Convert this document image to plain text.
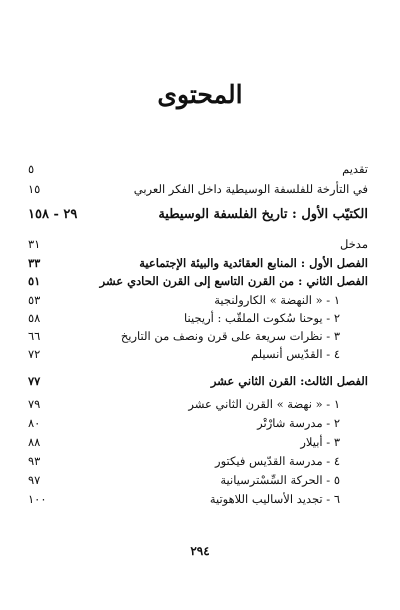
المحتوى
تقديم
٥
في التأرخة للفلسفة الوسيطية داخل الفكر العربي
١٥
الكتيّب الأول : تاريخ الفلسفة الوسيطية
٢٩ - ١٥٨
مدخل
٣١
الفصل الأول : المنابع العقائدية والبيئة الإجتماعية
٣٣
الفصل الثاني : من القرن التاسع إلى القرن الحادي عشر
٥١
١ - « النهضة » الكارولنجية
٥٣
٢ - يوحنا سُكوت الملقّب : أريجينا
٥٨
٣ - نظرات سريعة على قرن ونصف من التاريخ
٦٦
٤ - القدّيس أنسيلم
٧٢
الفصل الثالث: القرن الثاني عشر
٧٧
١ - « نهضة » القرن الثاني عشر
٧٩
٢ - مدرسة شارْتْر
٨٠
٣ - أبيلار
٨٨
٤ - مدرسة القدّيس فيكتور
٩٣
٥ - الحركة السِّسْترسيانية
٩٧
٦ - تجديد الأساليب اللاهوتية
١٠٠
٢٩٤
